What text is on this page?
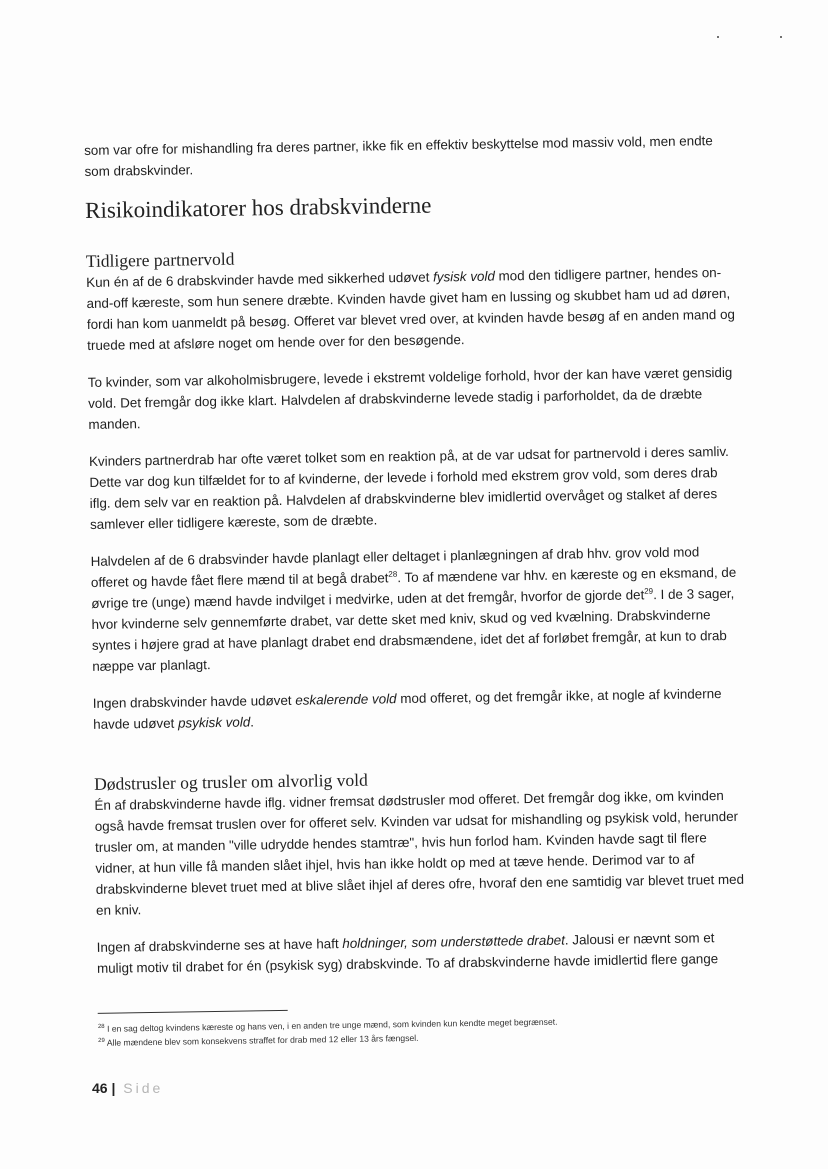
som var ofre for mishandling fra deres partner, ikke fik en effektiv beskyttelse mod massiv vold, men endte som drabskvinder.

Risikoindikatorer hos drabskvinderne
Tidligere partnervold

Kun én af de 6 drabskvinder havde med sikkerhed udøvet fysisk vold mod den tidligere partner, hendes on-and-off kæreste, som hun senere dræbte. Kvinden havde givet ham en lussing og skubbet ham ud ad døren, fordi han kom uanmeldt på besøg. Offeret var blevet vred over, at kvinden havde besøg af en anden mand og truede med at afsløre noget om hende over for den besøgende.

To kvinder, som var alkoholmisbrugere, levede i ekstremt voldelige forhold, hvor der kan have været gensidig vold. Det fremgår dog ikke klart. Halvdelen af drabskvinderne levede stadig i parforholdet, da de dræbte manden.

Kvinders partnerdrab har ofte været tolket som en reaktion på, at de var udsat for partnervold i deres samliv. Dette var dog kun tilfældet for to af kvinderne, der levede i forhold med ekstrem grov vold, som deres drab iflg. dem selv var en reaktion på. Halvdelen af drabskvinderne blev imidlertid overvåget og stalket af deres samlever eller tidligere kæreste, som de dræbte.

Halvdelen af de 6 drabsvinder havde planlagt eller deltaget i planlægningen af drab hhv. grov vold mod offeret og havde fået flere mænd til at begå drabet$^{28}$. To af mændene var hhv. en kæreste og en eksmand, de øvrige tre (unge) mænd havde indvilget i medvirke, uden at det fremgår, hvorfor de gjorde $\det^{29}$. I de 3 sager, hvor kvinderne selv gennemførte drabet, var dette sket med kniv, skud og ved kvælning. Drabskvinderne syntes i højere grad at have planlagt drabet end drabsmændene, idet det af forløbet fremgår, at kun to drab næppe var planlagt.

Ingen drabskvinder havde udøvet eskalerende vold mod offeret, og det fremgår ikke, at nogle af kvinderne havde udøvet psykisk vold.

Dødstrusler og trusler om alvorlig vold

Én af drabskvinderne havde iflg. vidner fremsat dødstrusler mod offeret. Det fremgår dog ikke, om kvinden også havde fremsat truslen over for offeret selv. Kvinden var udsat for mishandling og psykisk vold, herunder trusler om, at manden "ville udrydde hendes stamtræ", hvis hun forlod ham. Kvinden havde sagt til flere vidner, at hun ville få manden slået ihjel, hvis han ikke holdt op med at tæve hende. Derimod var to af drabskvinderne blevet truet med at blive slået ihjel af deres ofre, hvoraf den ene samtidig var blevet truet med en kniv.

Ingen af drabskvinderne ses at have haft holdninger, som understøttede drabet. Jalousi er nævnt som et muligt motiv til drabet for én (psykisk syg) drabskvinde. To af drabskvinderne havde imidlertid flere gange

$^{28}$ I en sag deltog kvindens kæreste og hans ven, i en anden tre unge mænd, som kvinden kun kendte meget begrænset.

$^{29}$ Alle mændene blev som konsekvens straffet for drab med 12 eller 13 års fængsel.

46 | Side
